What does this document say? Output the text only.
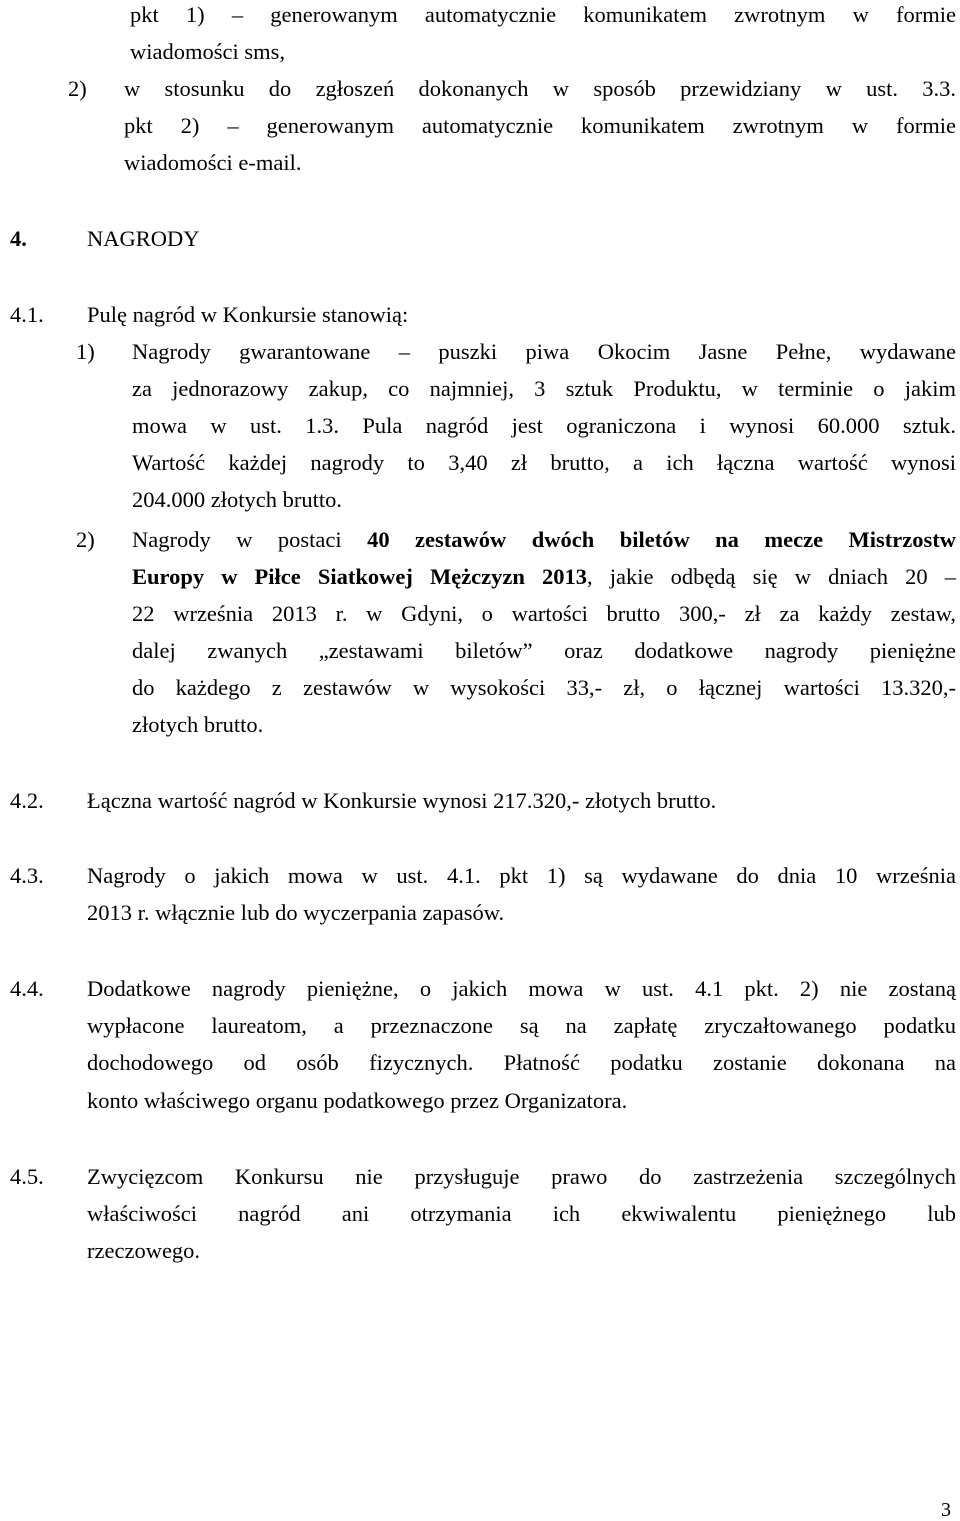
pkt 1) – generowanym automatycznie komunikatem zwrotnym w formie
wiadomości sms,
2) w stosunku do zgłoszeń dokonanych w sposób przewidziany w ust. 3.3.
pkt 2) – generowanym automatycznie komunikatem zwrotnym w formie
wiadomości e-mail.
4.	NAGRODY
4.1. Pulę nagród w Konkursie stanowią:
1) Nagrody gwarantowane – puszki piwa Okocim Jasne Pełne, wydawane
za jednorazowy zakup, co najmniej, 3 sztuk Produktu, w terminie o jakim
mowa w ust. 1.3. Pula nagród jest ograniczona i wynosi 60.000 sztuk.
Wartość każdej nagrody to 3,40 zł brutto, a ich łączna wartość wynosi
204.000 złotych brutto.
2) Nagrody w postaci 40 zestawów dwóch biletów na mecze Mistrzostw
Europy w Piłce Siatkowej Mężczyzn 2013, jakie odbędą się w dniach 20 –
22 września 2013 r. w Gdyni, o wartości brutto 300,- zł za każdy zestaw,
dalej zwanych „zestawami biletów” oraz dodatkowe nagrody pieniężne
do każdego z zestawów w wysokości 33,- zł, o łącznej wartości 13.320,-
złotych brutto.
4.2. Łączna wartość nagród w Konkursie wynosi 217.320,- złotych brutto.
4.3. Nagrody o jakich mowa w ust. 4.1. pkt 1) są wydawane do dnia 10 września
2013 r. włącznie lub do wyczerpania zapasów.
4.4. Dodatkowe nagrody pieniężne, o jakich mowa w ust. 4.1 pkt. 2) nie zostaną
wypłacone laureatom, a przeznaczone są na zapłatę zryczałtowanego podatku
dochodowego od osób fizycznych. Płatność podatku zostanie dokonana na
konto właściwego organu podatkowego przez Organizatora.
4.5. Zwycięzcom Konkursu nie przysługuje prawo do zastrzeżenia szczególnych
właściwości nagród ani otrzymania ich ekwiwalentu pieniężnego lub
rzeczowego.
3
